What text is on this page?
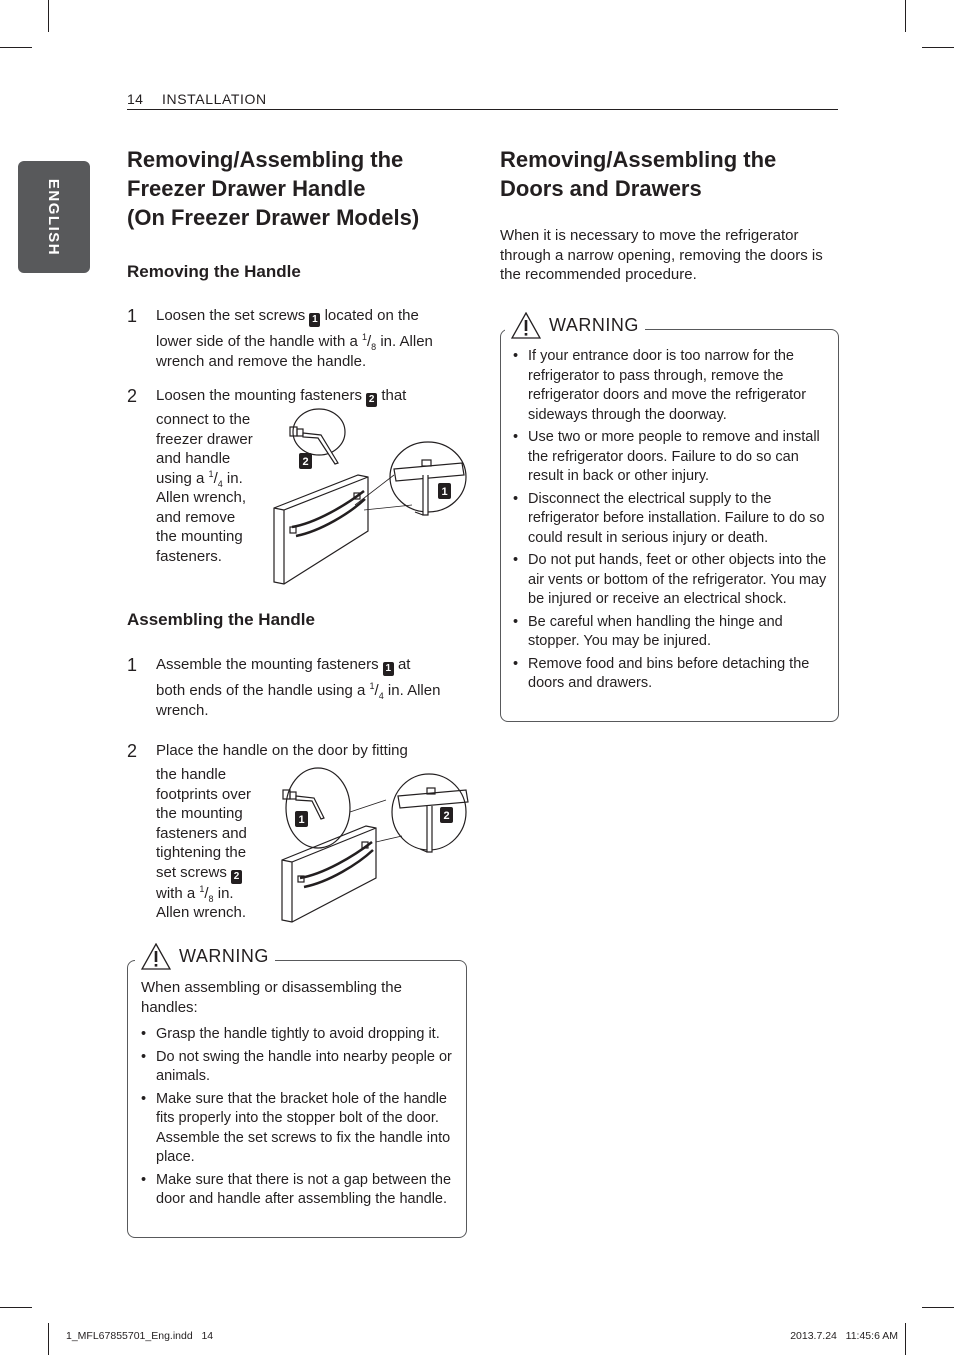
14 INSTALLATION
ENGLISH
Removing/Assembling the
Freezer Drawer Handle
(On Freezer Drawer Models)
Removing the Handle
1 Loosen the set screws 1 located on the
lower side of the handle with a $^1/_8$ in. Allen
wrench and remove the handle.
2 Loosen the mounting fasteners 2 that
connect to the
freezer drawer
and handle
using a $^1/_4$ in.
Allen wrench,
and remove
the mounting
fasteners.
2
1
Assembling the Handle
1 Assemble the mounting fasteners 1 at
both ends of the handle using a $^1/_4$ in. Allen
wrench.
2 Place the handle on the door by fitting
the handle
footprints over
the mounting
fasteners and
tightening the
set screws 2
with a $^1/_8$ in.
Allen wrench.
1	2
WARNING
When assembling or disassembling the handles:
• Grasp the handle tightly to avoid dropping it.
• Do not swing the handle into nearby people or animals.
• Make sure that the bracket hole of the handle fits properly into the stopper bolt of the door. Assemble the set screws to fix the handle into place.
• Make sure that there is not a gap between the door and handle after assembling the handle.
Removing/Assembling the
Doors and Drawers
When it is necessary to move the refrigerator through a narrow opening, removing the doors is the recommended procedure.
WARNING
• If your entrance door is too narrow for the refrigerator to pass through, remove the refrigerator doors and move the refrigerator sideways through the doorway.
• Use two or more people to remove and install the refrigerator doors. Failure to do so can result in back or other injury.
• Disconnect the electrical supply to the refrigerator before installation. Failure to do so could result in serious injury or death.
• Do not put hands, feet or other objects into the air vents or bottom of the refrigerator. You may be injured or receive an electrical shock.
• Be careful when handling the hinge and stopper. You may be injured.
• Remove food and bins before detaching the doors and drawers.
1_MFL67855701_Eng.indd   14	2013.7.24   11:45:6 AM
